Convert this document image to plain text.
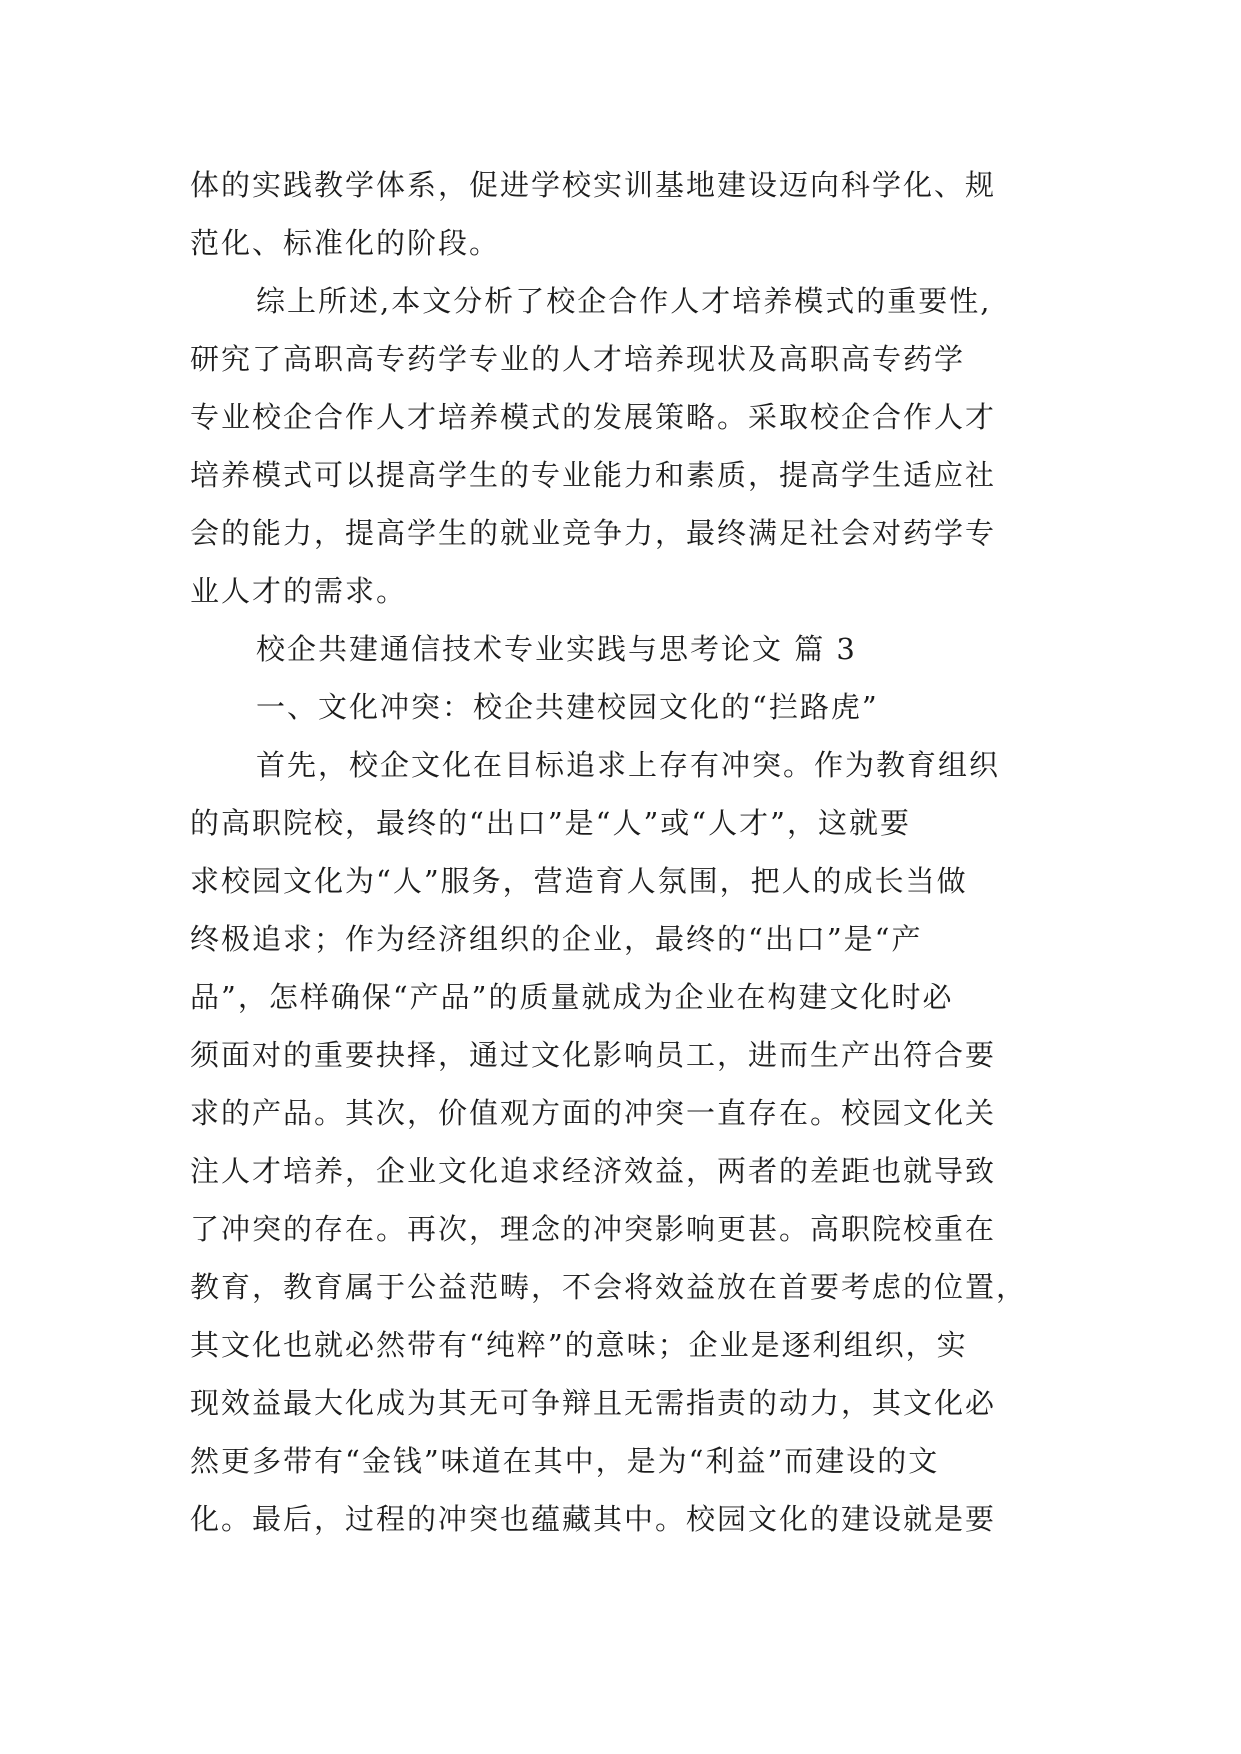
体的实践教学体系，促进学校实训基地建设迈向科学化、规
范化、标准化的阶段。
综上所述,本文分析了校企合作人才培养模式的重要性,
研究了高职高专药学专业的人才培养现状及高职高专药学
专业校企合作人才培养模式的发展策略。采取校企合作人才
培养模式可以提高学生的专业能力和素质，提高学生适应社
会的能力，提高学生的就业竞争力，最终满足社会对药学专
业人才的需求。
校企共建通信技术专业实践与思考论文 篇 3
一、文化冲突：校企共建校园文化的“拦路虎”
首先，校企文化在目标追求上存有冲突。作为教育组织
的高职院校，最终的“出口”是“人”或“人才”，这就要
求校园文化为“人”服务，营造育人氛围，把人的成长当做
终极追求；作为经济组织的企业，最终的“出口”是“产
品”，怎样确保“产品”的质量就成为企业在构建文化时必
须面对的重要抉择，通过文化影响员工，进而生产出符合要
求的产品。其次，价值观方面的冲突一直存在。校园文化关
注人才培养，企业文化追求经济效益，两者的差距也就导致
了冲突的存在。再次，理念的冲突影响更甚。高职院校重在
教育，教育属于公益范畴，不会将效益放在首要考虑的位置，
其文化也就必然带有“纯粹”的意味；企业是逐利组织，实
现效益最大化成为其无可争辩且无需指责的动力，其文化必
然更多带有“金钱”味道在其中，是为“利益”而建设的文
化。最后，过程的冲突也蕴藏其中。校园文化的建设就是要
